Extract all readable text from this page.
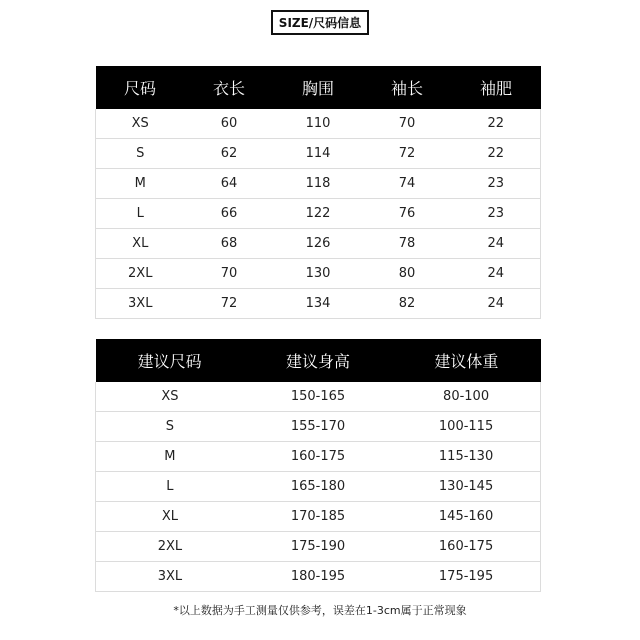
SIZE/尺码信息
尺码	衣长	胸围	袖长	袖肥
XS	60	110	70	22
S	62	114	72	22
M	64	118	74	23
L	66	122	76	23
XL	68	126	78	24
2XL	70	130	80	24
3XL	72	134	82	24
建议尺码	建议身高	建议体重
XS	150-165	80-100
S	155-170	100-115
M	160-175	115-130
L	165-180	130-145
XL	170-185	145-160
2XL	175-190	160-175
3XL	180-195	175-195
*以上数据为手工测量仅供参考，误差在1-3cm属于正常现象
